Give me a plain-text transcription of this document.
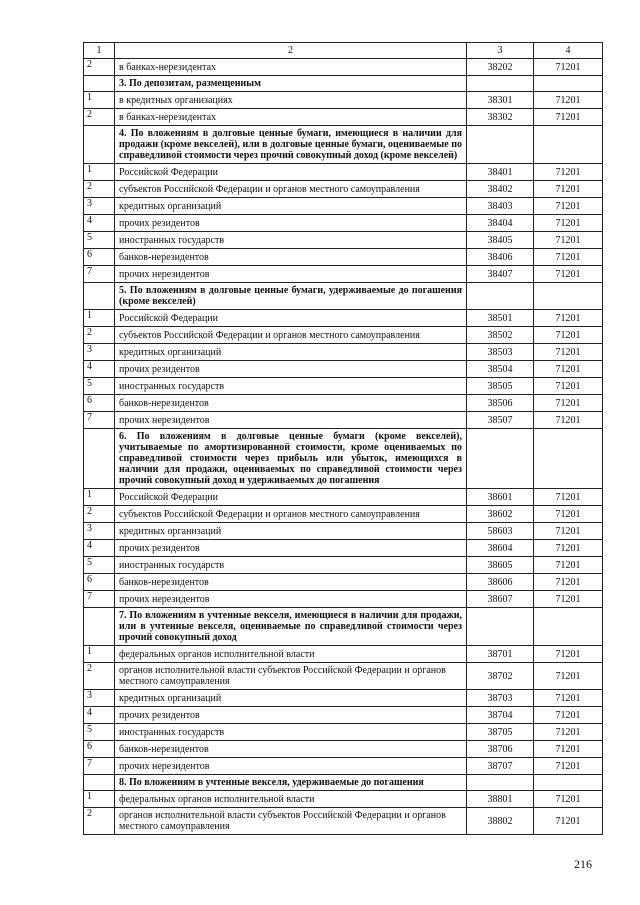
1	2	3	4
2	в банках-нерезидентах	38202	71201
	3. По депозитам, размещенным		
1	в кредитных организациях	38301	71201
2	в банках-нерезидентах	38302	71201
	4. По вложениям в долговые ценные бумаги, имеющиеся в наличии для продажи (кроме векселей), или в долговые ценные бумаги, оцениваемые по справедливой стоимости через прочий совокупный доход (кроме векселей)		
1	Российской Федерации	38401	71201
2	субъектов Российской Федерации и органов местного самоуправления	38402	71201
3	кредитных организаций	38403	71201
4	прочих резидентов	38404	71201
5	иностранных государств	38405	71201
6	банков-нерезидентов	38406	71201
7	прочих нерезидентов	38407	71201
	5. По вложениям в долговые ценные бумаги, удерживаемые до погашения (кроме векселей)		
1	Российской Федерации	38501	71201
2	субъектов Российской Федерации и органов местного самоуправления	38502	71201
3	кредитных организаций	38503	71201
4	прочих резидентов	38504	71201
5	иностранных государств	38505	71201
6	банков-нерезидентов	38506	71201
7	прочих нерезидентов	38507	71201
	6. По вложениям в долговые ценные бумаги (кроме векселей), учитываемые по амортизированной стоимости, кроме оцениваемых по справедливой стоимости через прибыль или убыток, имеющихся в наличии для продажи, оцениваемых по справедливой стоимости через прочий совокупный доход и удерживаемых до погашения		
1	Российской Федерации	38601	71201
2	субъектов Российской Федерации и органов местного самоуправления	38602	71201
3	кредитных организаций	58603	71201
4	прочих резидентов	38604	71201
5	иностранных государств	38605	71201
6	банков-нерезидентов	38606	71201
7	прочих нерезидентов	38607	71201
	7. По вложениям в учтенные векселя, имеющиеся в наличии для продажи, или в учтенные векселя, оцениваемые по справедливой стоимости через прочий совокупный доход		
1	федеральных органов исполнительной власти	38701	71201
2	органов исполнительной власти субъектов Российской Федерации и органов местного самоуправления	38702	71201
3	кредитных организаций	38703	71201
4	прочих резидентов	38704	71201
5	иностранных государств	38705	71201
6	банков-нерезидентов	38706	71201
7	прочих нерезидентов	38707	71201
	8. По вложениям в учтенные векселя, удерживаемые до погашения		
1	федеральных органов исполнительной власти	38801	71201
2	органов исполнительной власти субъектов Российской Федерации и органов местного самоуправления	38802	71201
216
